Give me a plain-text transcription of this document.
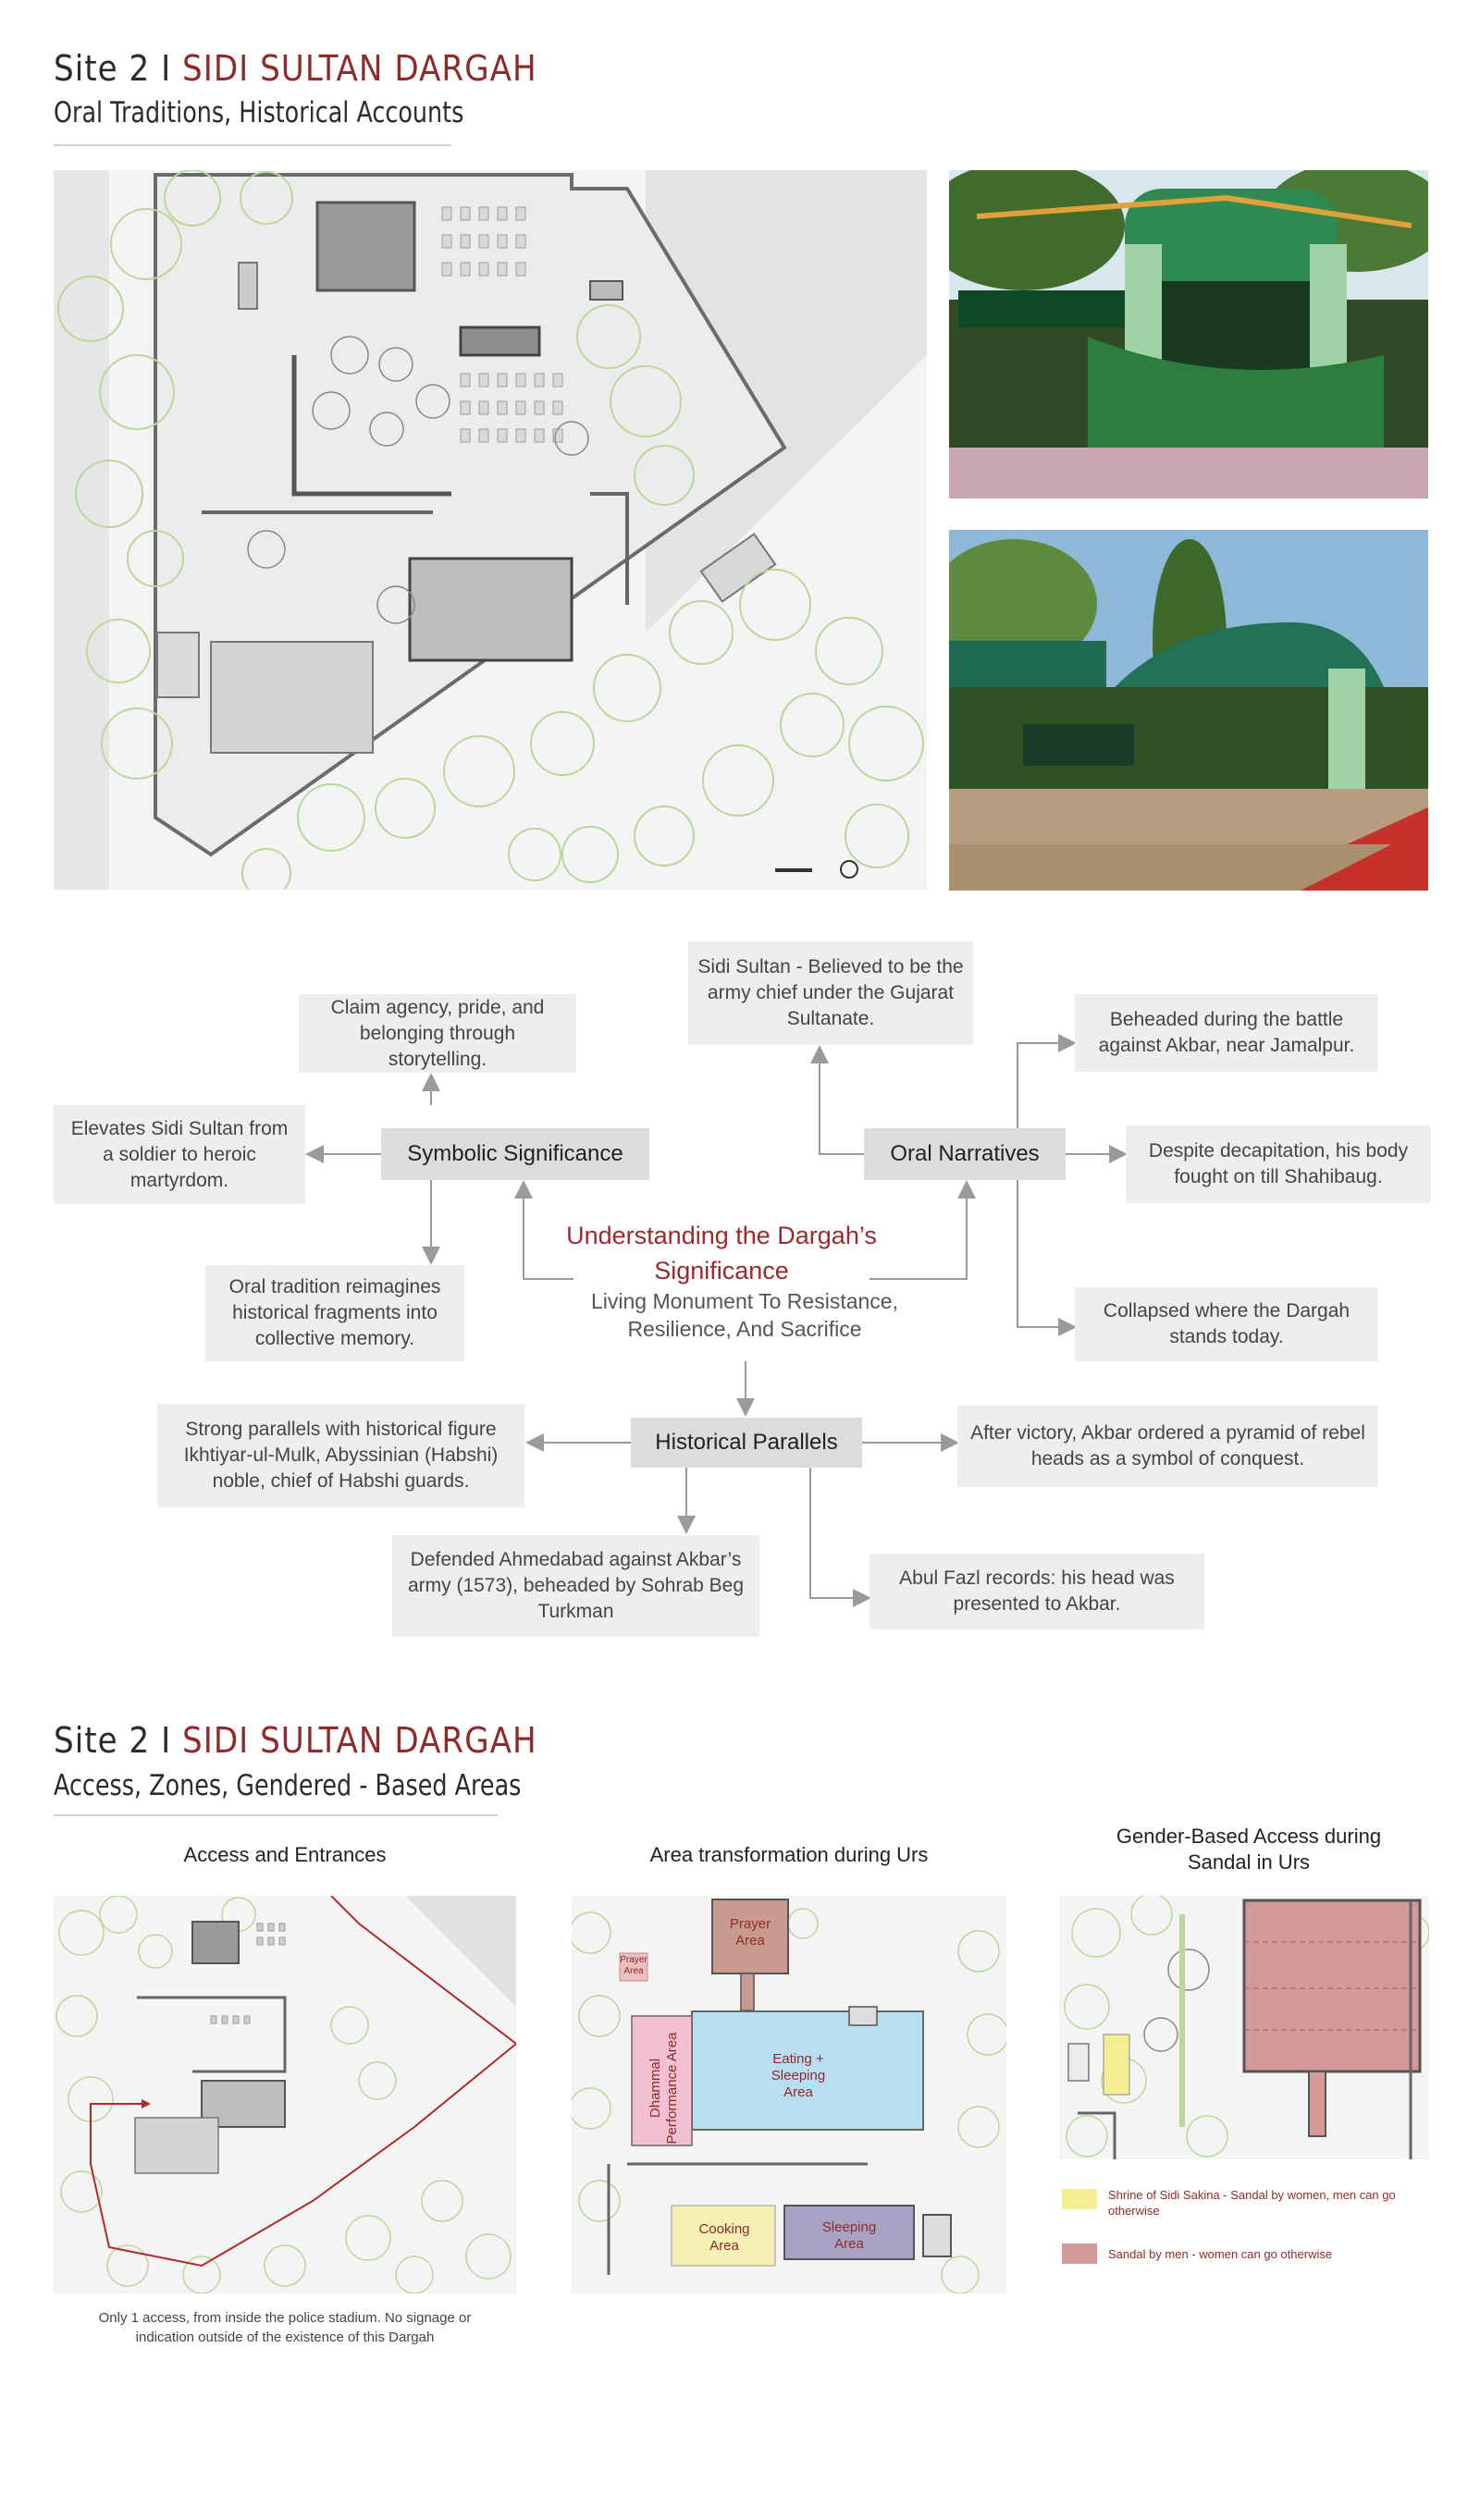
Site 2 I SIDI SULTAN DARGAH
Oral Traditions, Historical Accounts
Claim agency, pride, and belonging through storytelling.
Elevates Sidi Sultan from a soldier to heroic martyrdom.
Oral tradition reimagines historical fragments into collective memory.
Symbolic Significance
Sidi Sultan - Believed to be the army chief under the Gujarat Sultanate.
Oral Narratives
Beheaded during the battle against Akbar, near Jamalpur.
Despite decapitation, his body fought on till Shahibaug.
Collapsed where the Dargah stands today.
Understanding the Dargah’s Significance
Living Monument To Resistance, Resilience, And Sacrifice
Historical Parallels
Strong parallels with historical figure Ikhtiyar-ul-Mulk, Abyssinian (Habshi) noble, chief of Habshi guards.
After victory, Akbar ordered a pyramid of rebel heads as a symbol of conquest.
Defended Ahmedabad against Akbar’s army (1573), beheaded by Sohrab Beg Turkman
Abul Fazl records: his head was presented to Akbar.
Site 2 I SIDI SULTAN DARGAH
Access, Zones, Gendered - Based Areas
Access and Entrances	Area transformation during Urs
Gender-Based Access during Sandal in Urs
Only 1 access, from inside the police stadium. No signage or
indication outside of the existence of this Dargah
Prayer Area
Prayer Area
Eating + Sleeping Area
Dhammal Performance Area
Cooking Area
Sleeping Area
Shrine of Sidi Sakina - Sandal by women, men can go otherwise
Sandal by men - women can go otherwise
